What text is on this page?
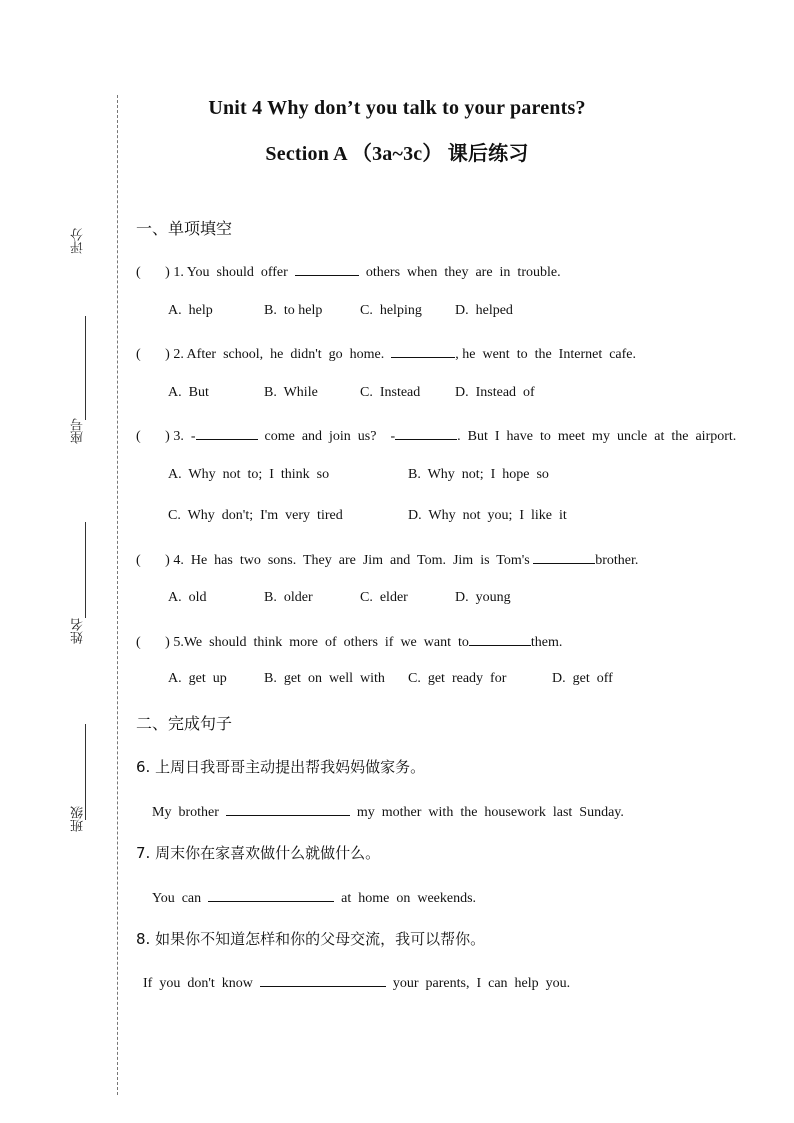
评分
座号
姓名
班级
Unit 4 Why don’t you talk to your parents?
Section A （3a~3c） 课后练习
一、单项填空
(       ) 1. You  should  offer	others  when  they  are  in  trouble.
A.  help	B.  to help	C.  helping D.  helped
(       ) 2. After  school,  he  didn't  go  home.	, he  went  to  the  Internet  cafe.
A.  But	B.  While	C.  Instead D.  Instead  of
(       ) 3.  -	come  and  join  us?    -	.  But  I  have  to  meet  my  uncle  at  the  airport.
A.  Why  not  to;  I  think  so	B.  Why  not;  I  hope  so
C.  Why  don't;  I'm  very  tired	D.  Why  not  you;  I  like  it
(       ) 4.  He  has  two  sons.  They  are  Jim  and  Tom.  Jim  is  Tom's	brother.
A.  old	B.  older	C.  elder	D.  young
(       ) 5.We  should  think  more  of  others  if  we  want  to	them.
A.  get  up	B.  get  on  well  with C.  get  ready  for	D.  get  off
二、完成句子
6. 上周日我哥哥主动提出帮我妈妈做家务。
My  brother	my  mother  with  the  housework  last  Sunday.
7. 周末你在家喜欢做什么就做什么。
You  can	at  home  on  weekends.
8. 如果你不知道怎样和你的父母交流，我可以帮你。
If  you  don't  know	your  parents,  I  can  help  you.
